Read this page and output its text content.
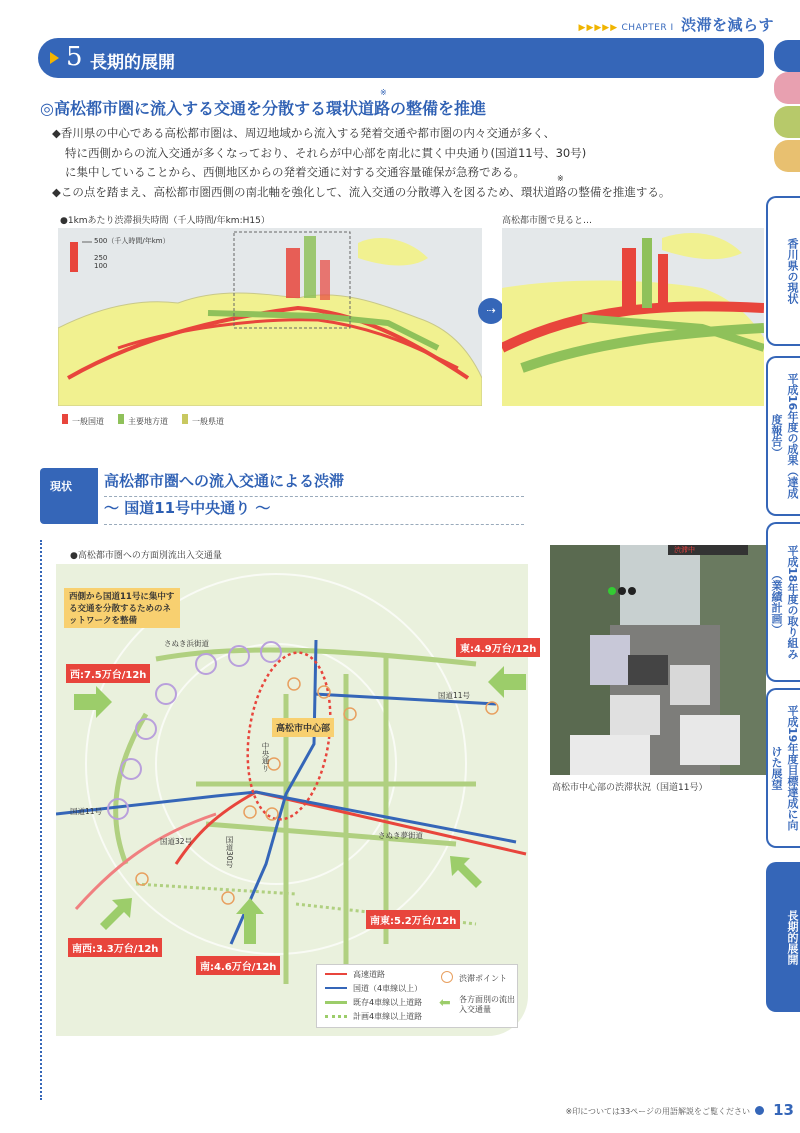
▶▶▶▶▶ CHAPTER I 渋滞を減らす
5 長期的展開
香川県の現状
平成16年度の成果（達成度報告）
平成18年度の取り組み（業績計画）
平成19年度目標達成に向けた展望
長期的展開
◎高松都市圏に流入する交通を分散する環状道路の整備を推進
※

◆香川県の中心である高松都市圏は、周辺地域から流入する発着交通や都市圏の内々交通が多く、

特に西側からの流入交通が多くなっており、それらが中心部を南北に貫く中央通り(国道11号、30号)

に集中していることから、西側地区からの発着交通に対する交通容量確保が急務である。

◆この点を踏まえ、高松都市圏西側の南北軸を強化して、流入交通の分散導入を図るため、環状道路の整備を推進する。

※
●1kmあたり渋滞損失時間（千人時間/年km:H15）	高松都市圏で見ると…
500（千人時間/年km）
250
100
⇢
一般国道	主要地方道	一般県道
現状	高松都市圏への流入交通による渋滞
～ 国道11号中央通り ～
●高松都市圏への方面別流出入交通量
西側から国道11号に集中する交通を分散するためのネットワークを整備
高松市中心部
東:4.9万台/12h
西:7.5万台/12h
南西:3.3万台/12h
南:4.6万台/12h
南東:5.2万台/12h
さぬき浜街道
国道11号
国道11号
国道32号
さぬき夢街道
中央通り
国道30号
高速道路
国道（4車線以上）
既存4車線以上道路
計画4車線以上道路
渋滞ポイント
⬅ 各方面別の流出入交通量
渋滞中
高松市中心部の渋滞状況（国道11号）
※印については33ページの用語解説をご覧ください 13
